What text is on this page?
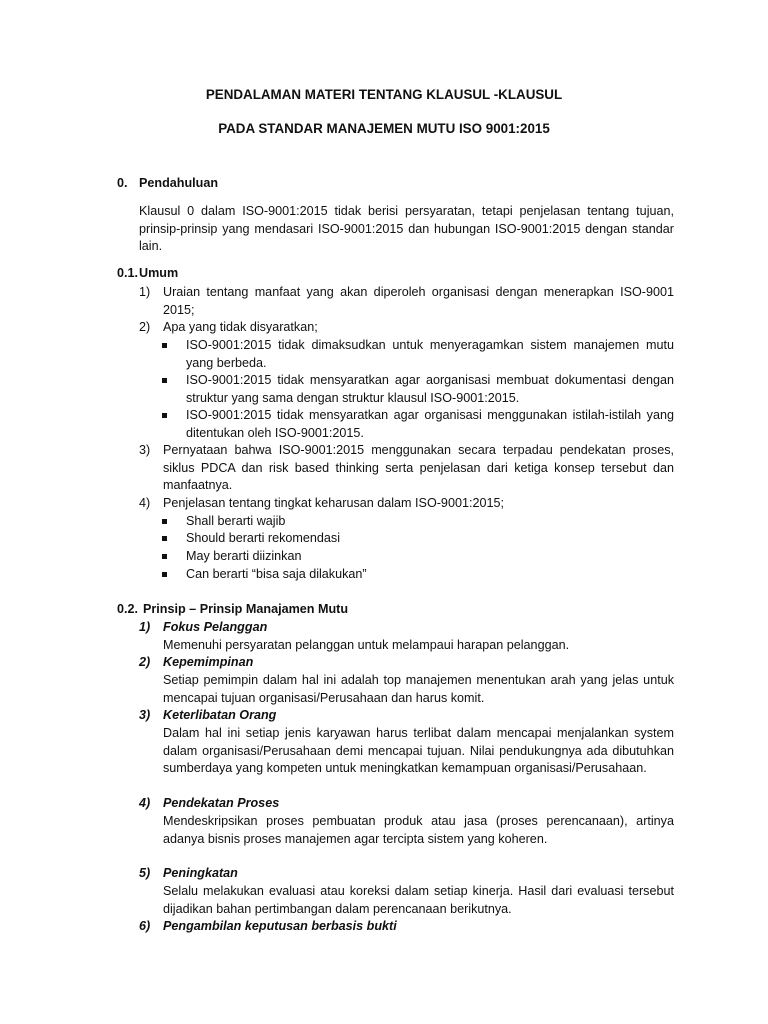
PENDALAMAN MATERI TENTANG KLAUSUL -KLAUSUL
PADA STANDAR MANAJEMEN MUTU ISO 9001:2015
0. Pendahuluan
Klausul 0 dalam ISO-9001:2015 tidak berisi persyaratan, tetapi penjelasan tentang tujuan, prinsip-prinsip yang mendasari ISO-9001:2015 dan hubungan ISO-9001:2015 dengan standar lain.
0.1. Umum
1)	Uraian tentang manfaat yang akan diperoleh organisasi dengan menerapkan ISO-9001 2015;
2)	Apa yang tidak disyaratkan;
ISO-9001:2015 tidak dimaksudkan untuk menyeragamkan sistem manajemen mutu yang berbeda.
ISO-9001:2015 tidak mensyaratkan agar aorganisasi membuat dokumentasi dengan struktur yang sama dengan struktur klausul ISO-9001:2015.
ISO-9001:2015 tidak mensyaratkan agar organisasi menggunakan istilah-istilah yang ditentukan oleh ISO-9001:2015.
3)	Pernyataan bahwa ISO-9001:2015 menggunakan secara terpadau pendekatan proses, siklus PDCA dan risk based thinking serta penjelasan dari ketiga konsep tersebut dan manfaatnya.
4)	Penjelasan tentang tingkat keharusan dalam ISO-9001:2015;
Shall berarti wajib
Should berarti rekomendasi
May berarti diizinkan
Can berarti “bisa saja dilakukan”
0.2. Prinsip – Prinsip Manajamen Mutu
1)	Fokus Pelanggan
Memenuhi persyaratan pelanggan untuk melampaui harapan pelanggan.
2)	Kepemimpinan
Setiap pemimpin dalam hal ini adalah top manajemen menentukan arah yang jelas untuk mencapai tujuan organisasi/Perusahaan dan harus komit.
3)	Keterlibatan Orang
Dalam hal ini setiap jenis karyawan harus terlibat dalam mencapai menjalankan system dalam organisasi/Perusahaan demi mencapai tujuan. Nilai pendukungnya ada dibutuhkan sumberdaya yang kompeten untuk meningkatkan kemampuan organisasi/Perusahaan.
4)	Pendekatan Proses
Mendeskripsikan proses pembuatan produk atau jasa (proses perencanaan), artinya adanya bisnis proses manajemen agar tercipta sistem yang koheren.
5)	Peningkatan
Selalu melakukan evaluasi atau koreksi dalam setiap kinerja. Hasil dari evaluasi tersebut dijadikan bahan pertimbangan dalam perencanaan berikutnya.
6)	Pengambilan keputusan berbasis bukti
